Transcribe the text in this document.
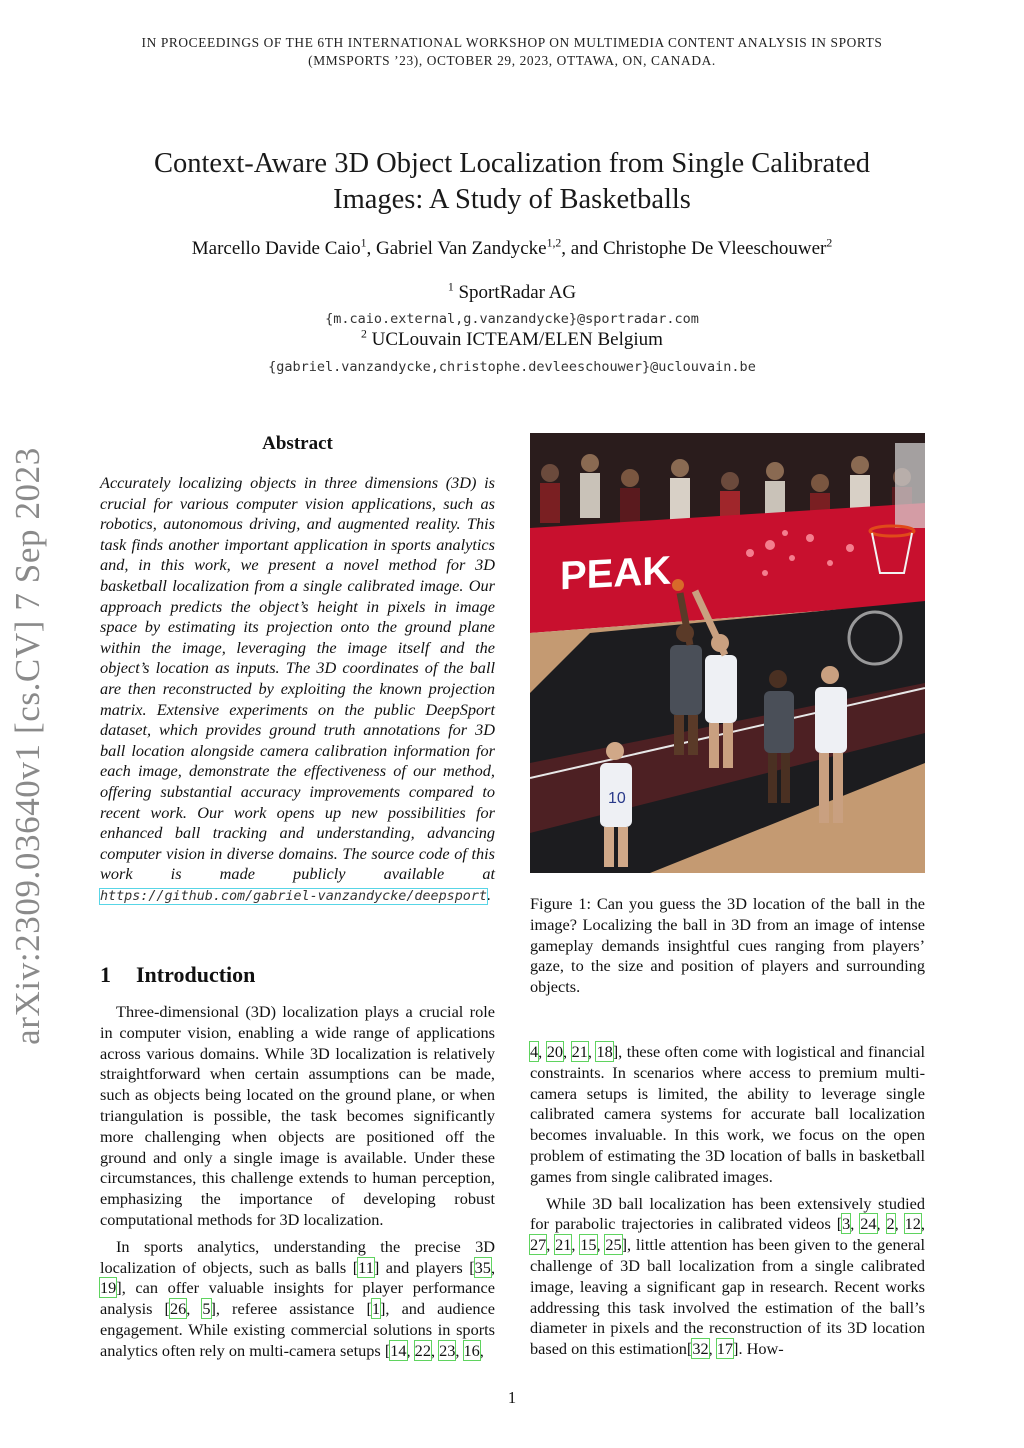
IN PROCEEDINGS OF THE 6TH INTERNATIONAL WORKSHOP ON MULTIMEDIA CONTENT ANALYSIS IN SPORTS
(MMSPORTS ’23), OCTOBER 29, 2023, OTTAWA, ON, CANADA.
Context-Aware 3D Object Localization from Single Calibrated
Images: A Study of Basketballs
Marcello Davide Caio$^1$, Gabriel Van Zandycke$^{1,2}$, and Christophe De Vleeschouwer$^2$
$^1$ SportRadar AG
{m.caio.external,g.vanzandycke}@sportradar.com
$^2$ UCLouvain ICTEAM/ELEN Belgium
{gabriel.vanzandycke,christophe.devleeschouwer}@uclouvain.be
arXiv:2309.03640v1 [cs.CV] 7 Sep 2023
Abstract
Accurately localizing objects in three dimensions (3D) is crucial for various computer vision applications, such as robotics, autonomous driving, and augmented reality. This task finds another important application in sports analytics and, in this work, we present a novel method for 3D basketball localization from a single calibrated image. Our approach predicts the object’s height in pixels in image space by estimating its projection onto the ground plane within the image, leveraging the image itself and the object’s location as inputs. The 3D coordinates of the ball are then reconstructed by exploiting the known projection matrix. Extensive experiments on the public DeepSport dataset, which provides ground truth annotations for 3D ball location alongside camera calibration information for each image, demonstrate the effectiveness of our method, offering substantial accuracy improvements compared to recent work. Our work opens up new possibilities for enhanced ball tracking and understanding, advancing computer vision in diverse domains. The source code of this work is made publicly available at https://github.com/gabriel-vanzandycke/deepsport.
1 Introduction

Three-dimensional (3D) localization plays a crucial role in computer vision, enabling a wide range of applications across various domains. While 3D localization is relatively straightforward when certain assumptions can be made, such as objects being located on the ground plane, or when triangulation is possible, the task becomes significantly more challenging when objects are positioned off the ground and only a single image is available. Under these circumstances, this challenge extends to human perception, emphasizing the importance of developing robust computational methods for 3D localization.

In sports analytics, understanding the precise 3D localization of objects, such as balls [11] and players [35, 19], can offer valuable insights for player performance analysis [26, 5], referee assistance [1], and audience engagement. While existing commercial solutions in sports analytics often rely on multi-camera setups [14, 22, 23, 16,

PEAK
10
Figure 1: Can you guess the 3D location of the ball in the image? Localizing the ball in 3D from an image of intense gameplay demands insightful cues ranging from players’ gaze, to the size and position of players and surrounding objects.

4, 20, 21, 18], these often come with logistical and financial constraints. In scenarios where access to premium multi-camera setups is limited, the ability to leverage single calibrated camera systems for accurate ball localization becomes invaluable. In this work, we focus on the open problem of estimating the 3D location of balls in basketball games from single calibrated images.

While 3D ball localization has been extensively studied for parabolic trajectories in calibrated videos [3, 24, 2, 12, 27, 21, 15, 25], little attention has been given to the general challenge of 3D ball localization from a single calibrated image, leaving a significant gap in research. Recent works addressing this task involved the estimation of the ball’s diameter in pixels and the reconstruction of its 3D location based on this estimation[32, 17]. How-

1
